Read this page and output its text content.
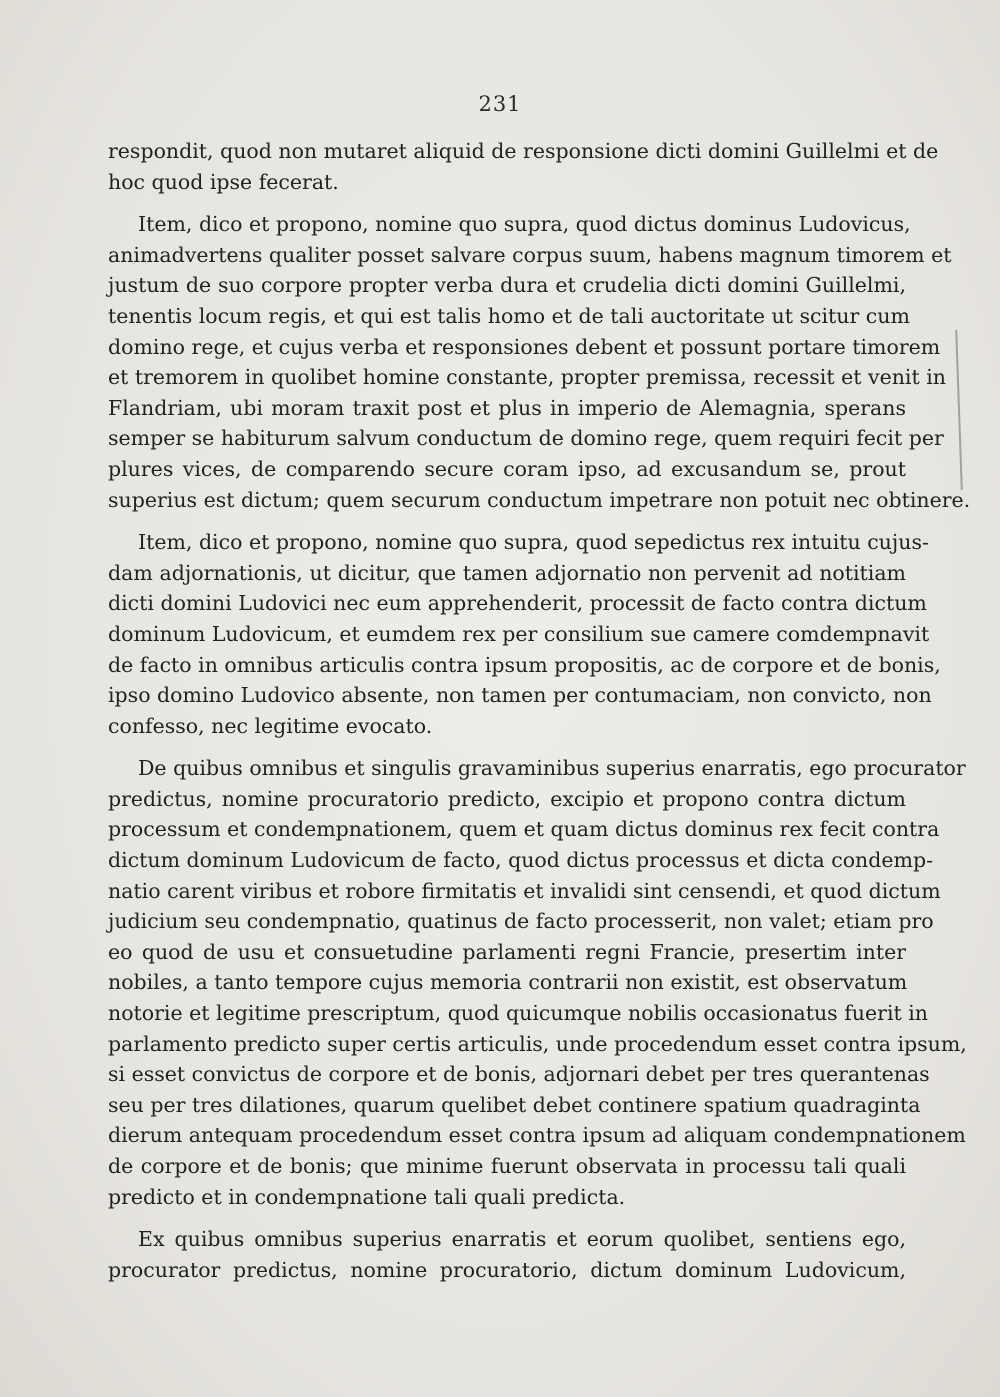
231
respondit, quod non mutaret aliquid de responsione dicti domini Guillelmi et de
hoc quod ipse fecerat.
Item, dico et propono, nomine quo supra, quod dictus dominus Ludovicus,
animadvertens qualiter posset salvare corpus suum, habens magnum timorem et
justum de suo corpore propter verba dura et crudelia dicti domini Guillelmi,
tenentis locum regis, et qui est talis homo et de tali auctoritate ut scitur cum
domino rege, et cujus verba et responsiones debent et possunt portare timorem
et tremorem in quolibet homine constante, propter premissa, recessit et venit in
Flandriam, ubi moram traxit post et plus in imperio de Alemagnia, sperans
semper se habiturum salvum conductum de domino rege, quem requiri fecit per
plures vices, de comparendo secure coram ipso, ad excusandum se, prout
superius est dictum; quem securum conductum impetrare non potuit nec obtinere.
Item, dico et propono, nomine quo supra, quod sepedictus rex intuitu cujus-
dam adjornationis, ut dicitur, que tamen adjornatio non pervenit ad notitiam
dicti domini Ludovici nec eum apprehenderit, processit de facto contra dictum
dominum Ludovicum, et eumdem rex per consilium sue camere comdempnavit
de facto in omnibus articulis contra ipsum propositis, ac de corpore et de bonis,
ipso domino Ludovico absente, non tamen per contumaciam, non convicto, non
confesso, nec legitime evocato.
De quibus omnibus et singulis gravaminibus superius enarratis, ego procurator
predictus, nomine procuratorio predicto, excipio et propono contra dictum
processum et condempnationem, quem et quam dictus dominus rex fecit contra
dictum dominum Ludovicum de facto, quod dictus processus et dicta condemp-
natio carent viribus et robore firmitatis et invalidi sint censendi, et quod dictum
judicium seu condempnatio, quatinus de facto processerit, non valet; etiam pro
eo quod de usu et consuetudine parlamenti regni Francie, presertim inter
nobiles, a tanto tempore cujus memoria contrarii non existit, est observatum
notorie et legitime prescriptum, quod quicumque nobilis occasionatus fuerit in
parlamento predicto super certis articulis, unde procedendum esset contra ipsum,
si esset convictus de corpore et de bonis, adjornari debet per tres querantenas
seu per tres dilationes, quarum quelibet debet continere spatium quadraginta
dierum antequam procedendum esset contra ipsum ad aliquam condempnationem
de corpore et de bonis; que minime fuerunt observata in processu tali quali
predicto et in condempnatione tali quali predicta.
Ex quibus omnibus superius enarratis et eorum quolibet, sentiens ego,
procurator predictus, nomine procuratorio, dictum dominum Ludovicum,
